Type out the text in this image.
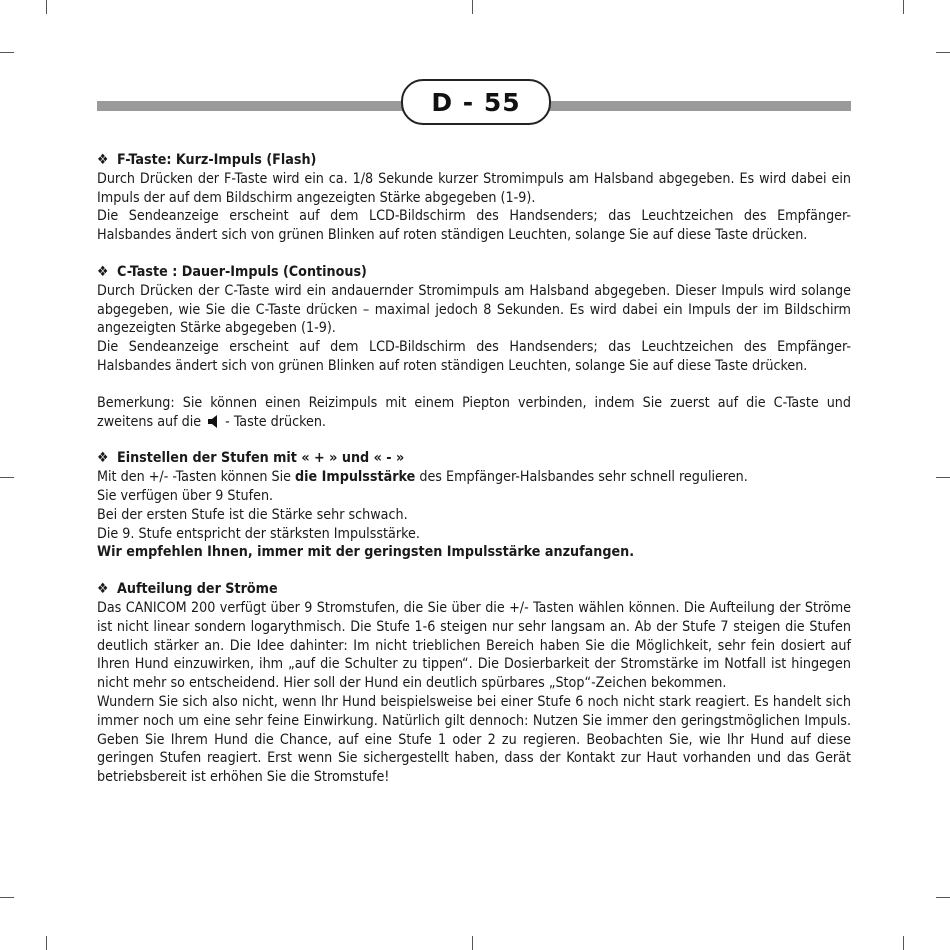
D - 55
❖ F-Taste: Kurz-Impuls (Flash)
Durch Drücken der F-Taste wird ein ca. 1/8 Sekunde kurzer Stromimpuls am Halsband abgegeben. Es wird dabei ein Impuls der auf dem Bildschirm angezeigten Stärke abgegeben (1-9).
Die Sendeanzeige erscheint auf dem LCD-Bildschirm des Handsenders; das Leuchtzeichen des Empfänger-Halsbandes ändert sich von grünen Blinken auf roten ständigen Leuchten, solange Sie auf diese Taste drücken.
❖ C-Taste : Dauer-Impuls (Continous)
Durch Drücken der C-Taste wird ein andauernder Stromimpuls am Halsband abgegeben. Dieser Impuls wird solange abgegeben, wie Sie die C-Taste drücken – maximal jedoch 8 Sekunden. Es wird dabei ein Impuls der im Bildschirm angezeigten Stärke abgegeben (1-9).
Die Sendeanzeige erscheint auf dem LCD-Bildschirm des Handsenders; das Leuchtzeichen des Empfänger-Halsbandes ändert sich von grünen Blinken auf roten ständigen Leuchten, solange Sie auf diese Taste drücken.
Bemerkung: Sie können einen Reizimpuls mit einem Piepton verbinden, indem Sie zuerst auf die C-Taste und zweitens auf die - Taste drücken.
❖ Einstellen der Stufen mit « + » und « - »
Mit den +/- -Tasten können Sie die Impulsstärke des Empfänger-Halsbandes sehr schnell regulieren.
Sie verfügen über 9 Stufen.
Bei der ersten Stufe ist die Stärke sehr schwach.
Die 9. Stufe entspricht der stärksten Impulsstärke.
Wir empfehlen Ihnen, immer mit der geringsten Impulsstärke anzufangen.
❖ Aufteilung der Ströme
Das CANICOM 200 verfügt über 9 Stromstufen, die Sie über die +/- Tasten wählen können. Die Aufteilung der Ströme ist nicht linear sondern logarythmisch. Die Stufe 1-6 steigen nur sehr langsam an. Ab der Stufe 7 steigen die Stufen deutlich stärker an. Die Idee dahinter: Im nicht trieblichen Bereich haben Sie die Möglichkeit, sehr fein dosiert auf Ihren Hund einzuwirken, ihm „auf die Schulter zu tippen“. Die Dosierbarkeit der Stromstärke im Notfall ist hingegen nicht mehr so entscheidend. Hier soll der Hund ein deutlich spürbares „Stop“-Zeichen bekommen.
Wundern Sie sich also nicht, wenn Ihr Hund beispielsweise bei einer Stufe 6 noch nicht stark reagiert. Es handelt sich immer noch um eine sehr feine Einwirkung. Natürlich gilt dennoch: Nutzen Sie immer den geringstmöglichen Impuls. Geben Sie Ihrem Hund die Chance, auf eine Stufe 1 oder 2 zu regieren. Beobachten Sie, wie Ihr Hund auf diese geringen Stufen reagiert. Erst wenn Sie sichergestellt haben, dass der Kontakt zur Haut vorhanden und das Gerät betriebsbereit ist erhöhen Sie die Stromstufe!
